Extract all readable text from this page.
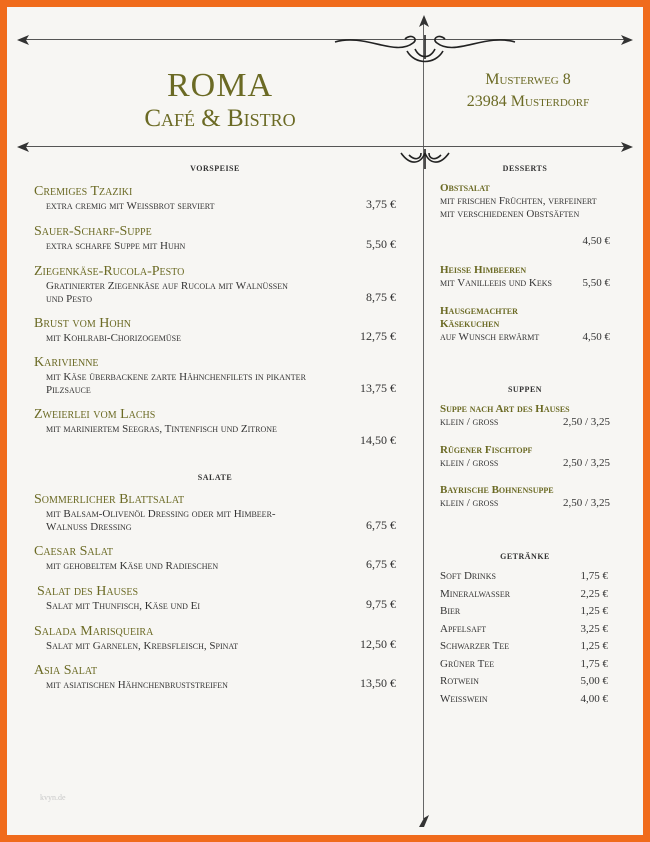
ROMA
Café & Bistro
Musterweg 8
23984 Musterdorf
vorspeise
Cremiges Tzaziki
extra cremig mit Weissbrot serviert	3,75 €
Sauer-Scharf-Suppe
extra scharfe Suppe mit Huhn	5,50 €
Ziegenkäse-Rucola-Pesto
Gratinierter Ziegenkäse auf Rucola mit Walnüssen und Pesto	8,75 €
Brust vom Hohn
mit Kohlrabi-Chorizogemüse	12,75 €
Karivienne
mit Käse überbackene zarte Hähnchenfilets in pikanter Pilzsauce	13,75 €
Zweierlei vom Lachs
mit mariniertem Seegras, Tintenfisch und Zitrone
14,50 €
salate
Sommerlicher Blattsalat
mit Balsam-Olivenöl Dressing oder mit Himbeer-Walnuss Dressing	6,75 €
Caesar Salat
mit gehobeltem Käse und Radieschen	6,75 €
Salat des Hauses
Salat mit Thunfisch, Käse und Ei	9,75 €
Salada Marisqueira
Salat mit Garnelen, Krebsfleisch, Spinat	12,50 €
Asia Salat
mit asiatischen Hähnchenbruststreifen	13,50 €
desserts
Obstsalat
mit frischen Früchten, verfeinert mit verschiedenen Obstsäften
4,50 €
Heisse Himbeeren
mit Vanilleeis und Keks	5,50 €
Hausgemachter Käsekuchen
auf Wunsch erwärmt	4,50 €
suppen
Suppe nach Art des Hauses
klein / gross	2,50 / 3,25
Rügener Fischtopf
klein / gross	2,50 / 3,25
Bayrische Bohnensuppe
klein / gross	2,50 / 3,25
getränke
Soft Drinks	1,75 €
Mineralwasser	2,25 €
Bier	1,25 €
Apfelsaft	3,25 €
Schwarzer Tee	1,25 €
Grüner Tee	1,75 €
Rotwein	5,00 €
Weisswein	4,00 €
kvyn.de
